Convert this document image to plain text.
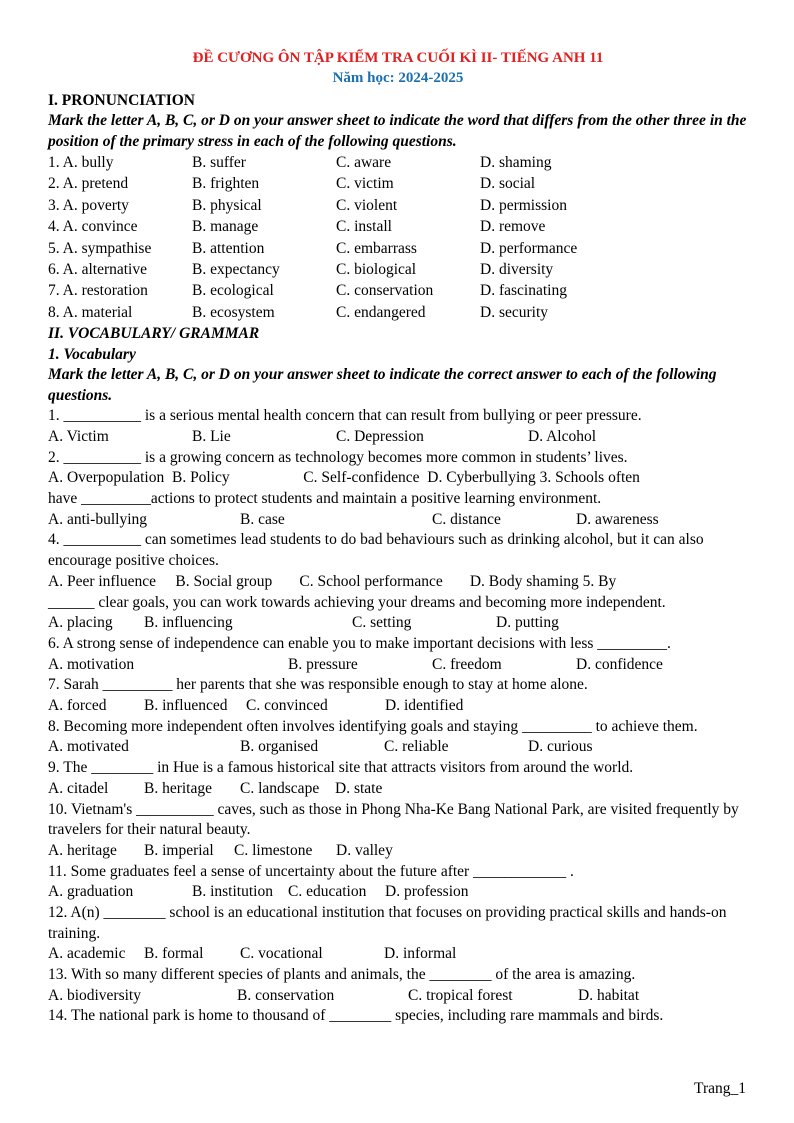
ĐỀ CƯƠNG ÔN TẬP KIỂM TRA CUỐI KÌ II- TIẾNG ANH 11
Năm học: 2024-2025
I. PRONUNCIATION
Mark the letter A, B, C, or D on your answer sheet to indicate the word that differs from the other three in the position of the primary stress in each of the following questions.
1. A. bully	B. suffer	C. aware	D. shaming
2. A. pretend	B. frighten	C. victim	D. social
3. A. poverty	B. physical	C. violent	D. permission
4. A. convince	B. manage	C. install	D. remove
5. A. sympathise	B. attention	C. embarrass	D. performance
6. A. alternative	B. expectancy	C. biological	D. diversity
7. A. restoration	B. ecological	C. conservation	D. fascinating
8. A. material	B. ecosystem	C. endangered	D. security
II. VOCABULARY/ GRAMMAR
1. Vocabulary
Mark the letter A, B, C, or D on your answer sheet to indicate the correct answer to each of the following questions.
1. __________ is a serious mental health concern that can result from bullying or peer pressure.
A. Victim	B. Lie	C. Depression	D. Alcohol
2. __________ is a growing concern as technology becomes more common in students’ lives.
A. Overpopulation  B. Policy                   C. Self-confidence  D. Cyberbullying 3. Schools often
have _________actions to protect students and maintain a positive learning environment.
A. anti-bullying	B. case	C. distance	D. awareness
4. __________ can sometimes lead students to do bad behaviours such as drinking alcohol, but it can also encourage positive choices.
A. Peer influence     B. Social group       C. School performance       D. Body shaming 5. By
______ clear goals, you can work towards achieving your dreams and becoming more independent.
A. placing B. influencing	C. setting	D. putting
6. A strong sense of independence can enable you to make important decisions with less _________.
A. motivation	B. pressure	C. freedom	D. confidence
7. Sarah _________ her parents that she was responsible enough to stay at home alone.
A. forced B. influenced C. convinced	D. identified
8. Becoming more independent often involves identifying goals and staying _________ to achieve them.
A. motivated	B. organised	C. reliable	D. curious
9. The ________ in Hue is a famous historical site that attracts visitors from around the world.
A. citadel B. heritage C. landscape D. state
10. Vietnam's __________ caves, such as those in Phong Nha-Ke Bang National Park, are visited frequently by travelers for their natural beauty.
A. heritage B. imperial C. limestone D. valley
11. Some graduates feel a sense of uncertainty about the future after ____________ .
A. graduation	B. institution C. education D. profession
12. A(n) ________ school is an educational institution that focuses on providing practical skills and hands-on training.
A. academic B. formal C. vocational	D. informal
13. With so many different species of plants and animals, the ________ of the area is amazing.
A. biodiversity	B. conservation	C. tropical forest	D. habitat
14. The national park is home to thousand of ________ species, including rare mammals and birds.
Trang_1
